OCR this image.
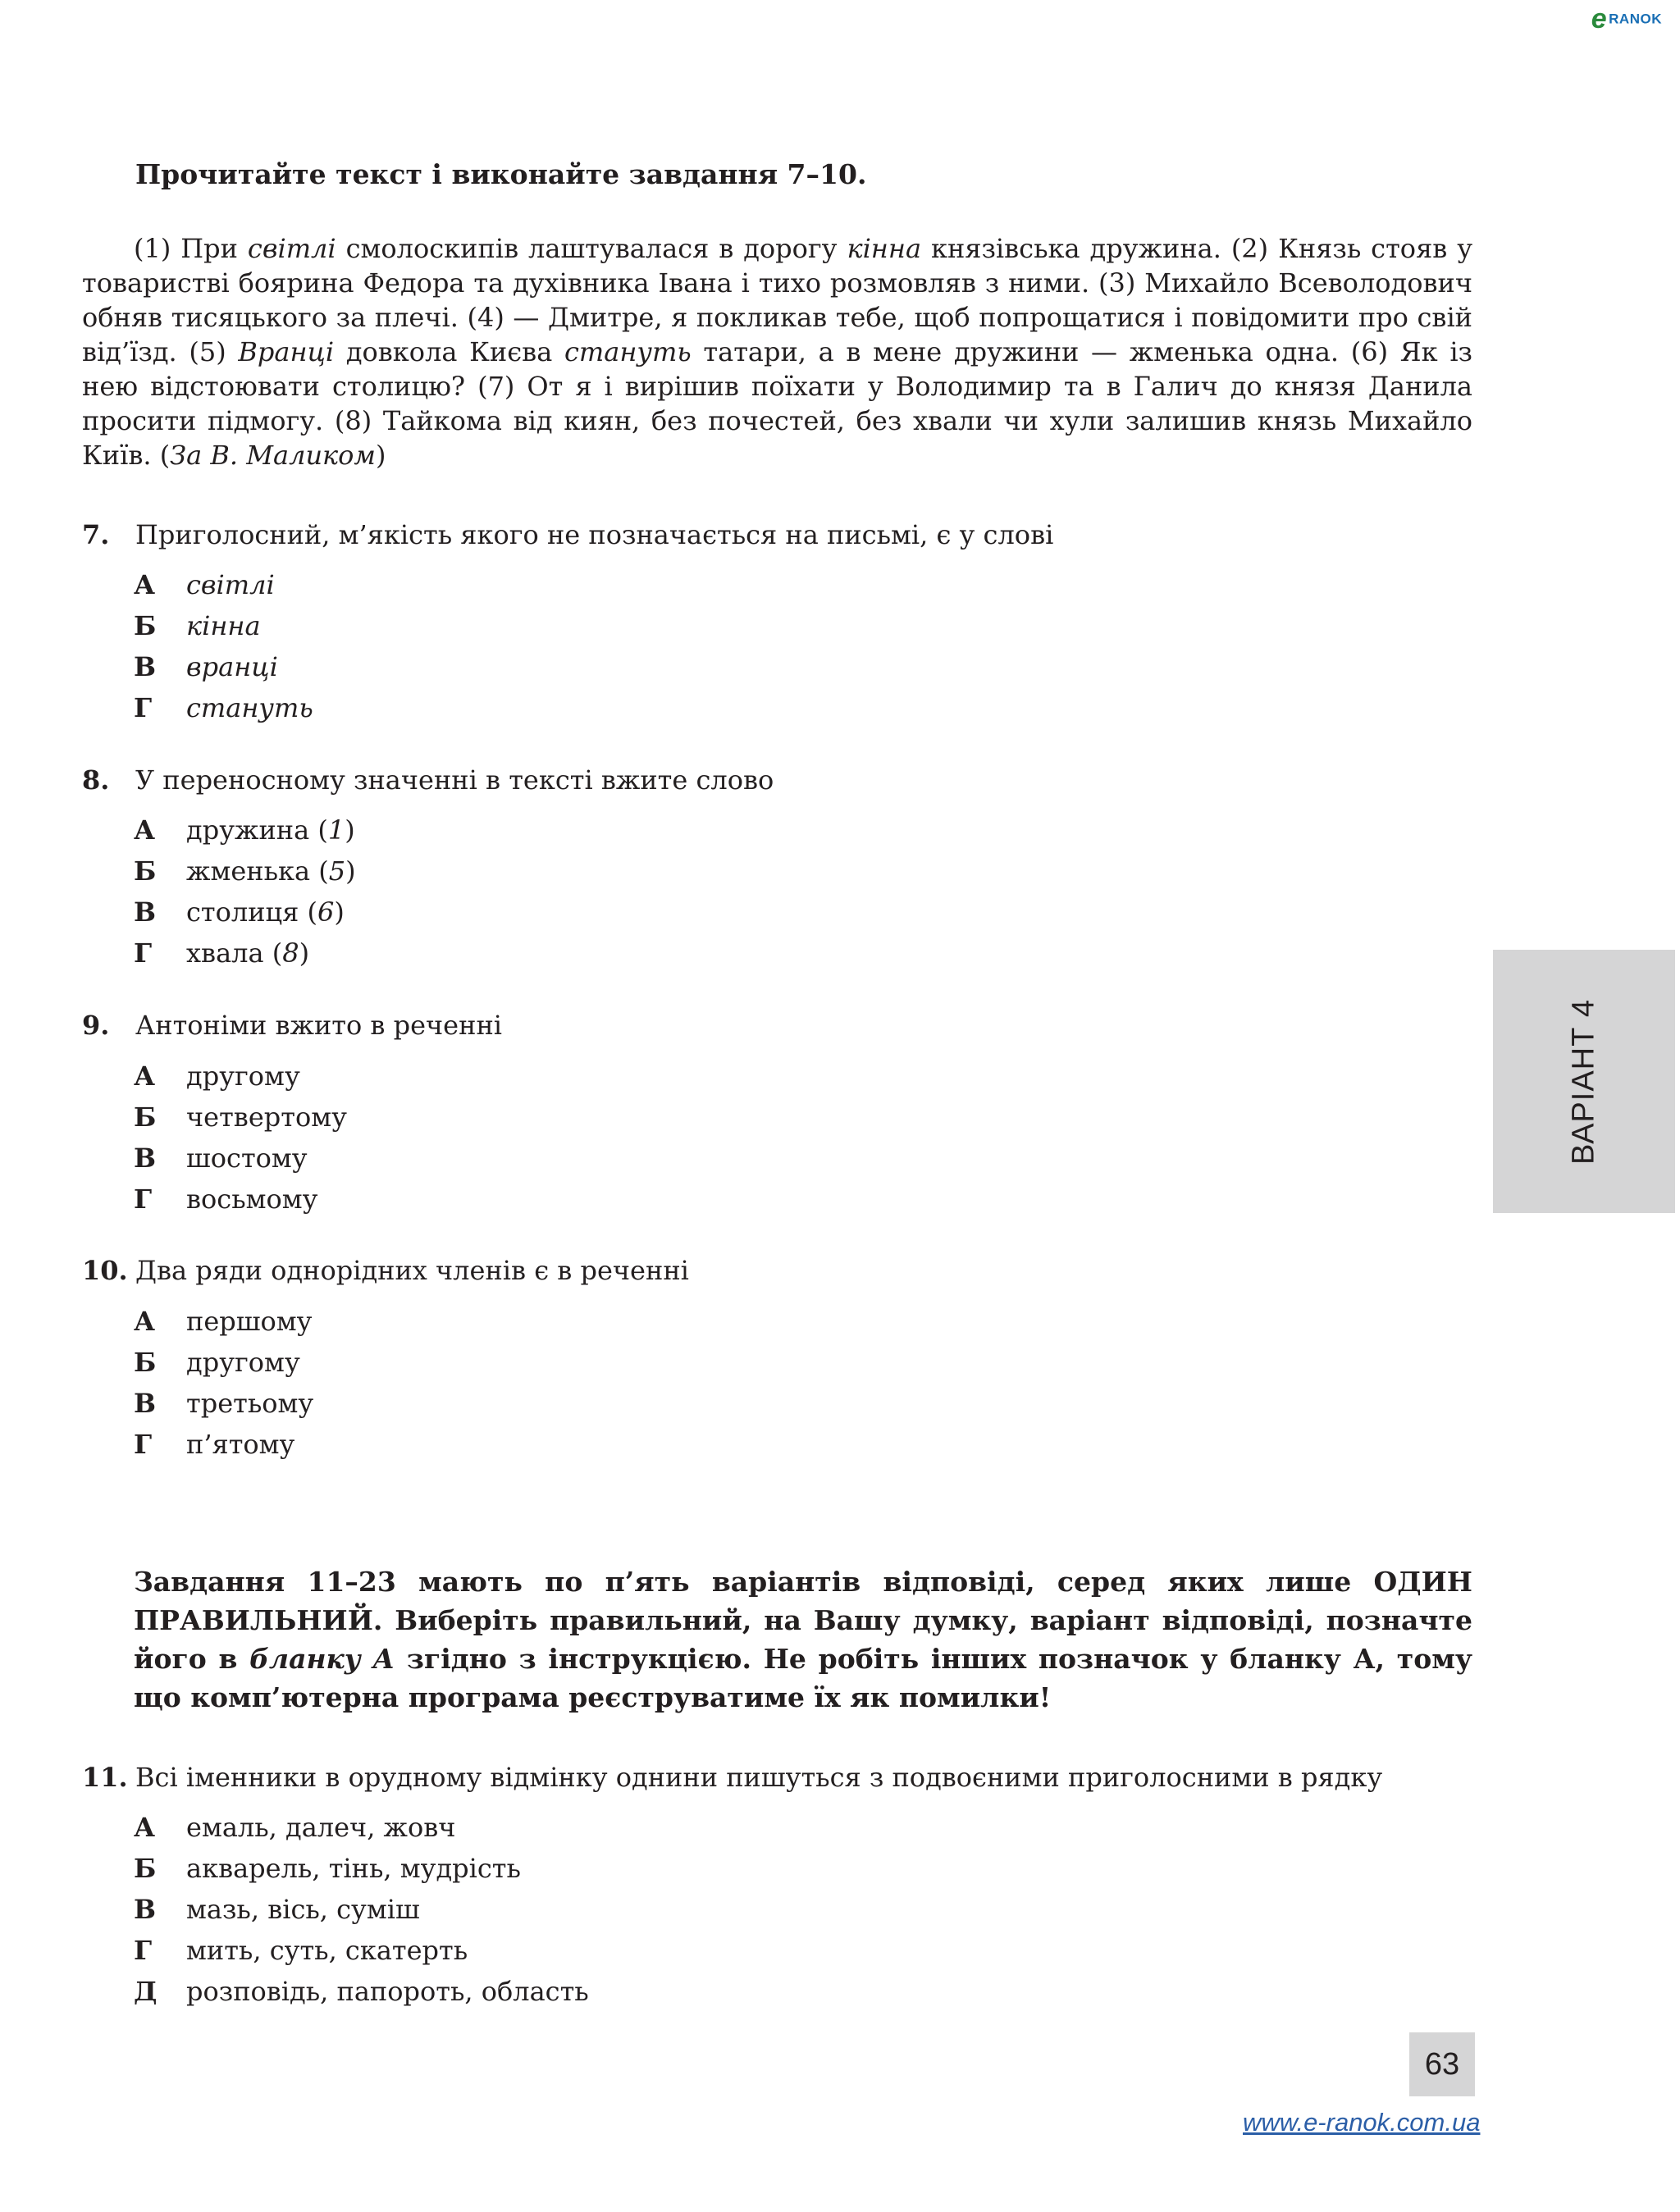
eRANOK

Прочитайте текст і виконайте завдання 7–10.

(1) При світлі смолоскипів лаштувалася в дорогу кінна князівська дружина. (2) Князь стояв у товаристві боярина Федора та духівника Івана і тихо розмовляв з ними. (3) Михайло Всеволодович обняв тисяцького за плечі. (4) — Дмитре, я покликав тебе, щоб попрощатися і повідомити про свій від’їзд. (5) Вранці довкола Києва стануть татари, а в мене дружини — жменька одна. (6) Як із нею відстоювати столицю? (7) От я і вирішив поїхати у Володимир та в Галич до князя Данила просити підмогу. (8) Тайкома від киян, без почестей, без хвали чи хули залишив князь Михайло Київ. (За В. Маликом)

7. Приголосний, м’якість якого не позначається на письмі, є у слові

А світлі
Б кінна
В вранці
Г стануть

8. У переносному значенні в тексті вжите слово

А дружина (1)
Б жменька (5)
В столиця (6)
Г хвала (8)

9. Антоніми вжито в реченні

А другому
Б четвертому
В шостому
Г восьмому

10. Два ряди однорідних членів є в реченні

А першому
Б другому
В третьому
Г п’ятому

Завдання 11–23 мають по п’ять варіантів відповіді, серед яких лише ОДИН ПРАВИЛЬНИЙ. Виберіть правильний, на Вашу думку, варіант відповіді, позначте його в бланку А згідно з інструкцією. Не робіть інших позначок у бланку А, тому що комп’ютерна програма реєструватиме їх як помилки!

11. Всі іменники в орудному відмінку однини пишуться з подвоєними приголосними в рядку

А емаль, далеч, жовч
Б акварель, тінь, мудрість
В мазь, вісь, суміш
Г мить, суть, скатерть
Д розповідь, папороть, область
ВАРІАНТ 4
63
www.e-ranok.com.ua
